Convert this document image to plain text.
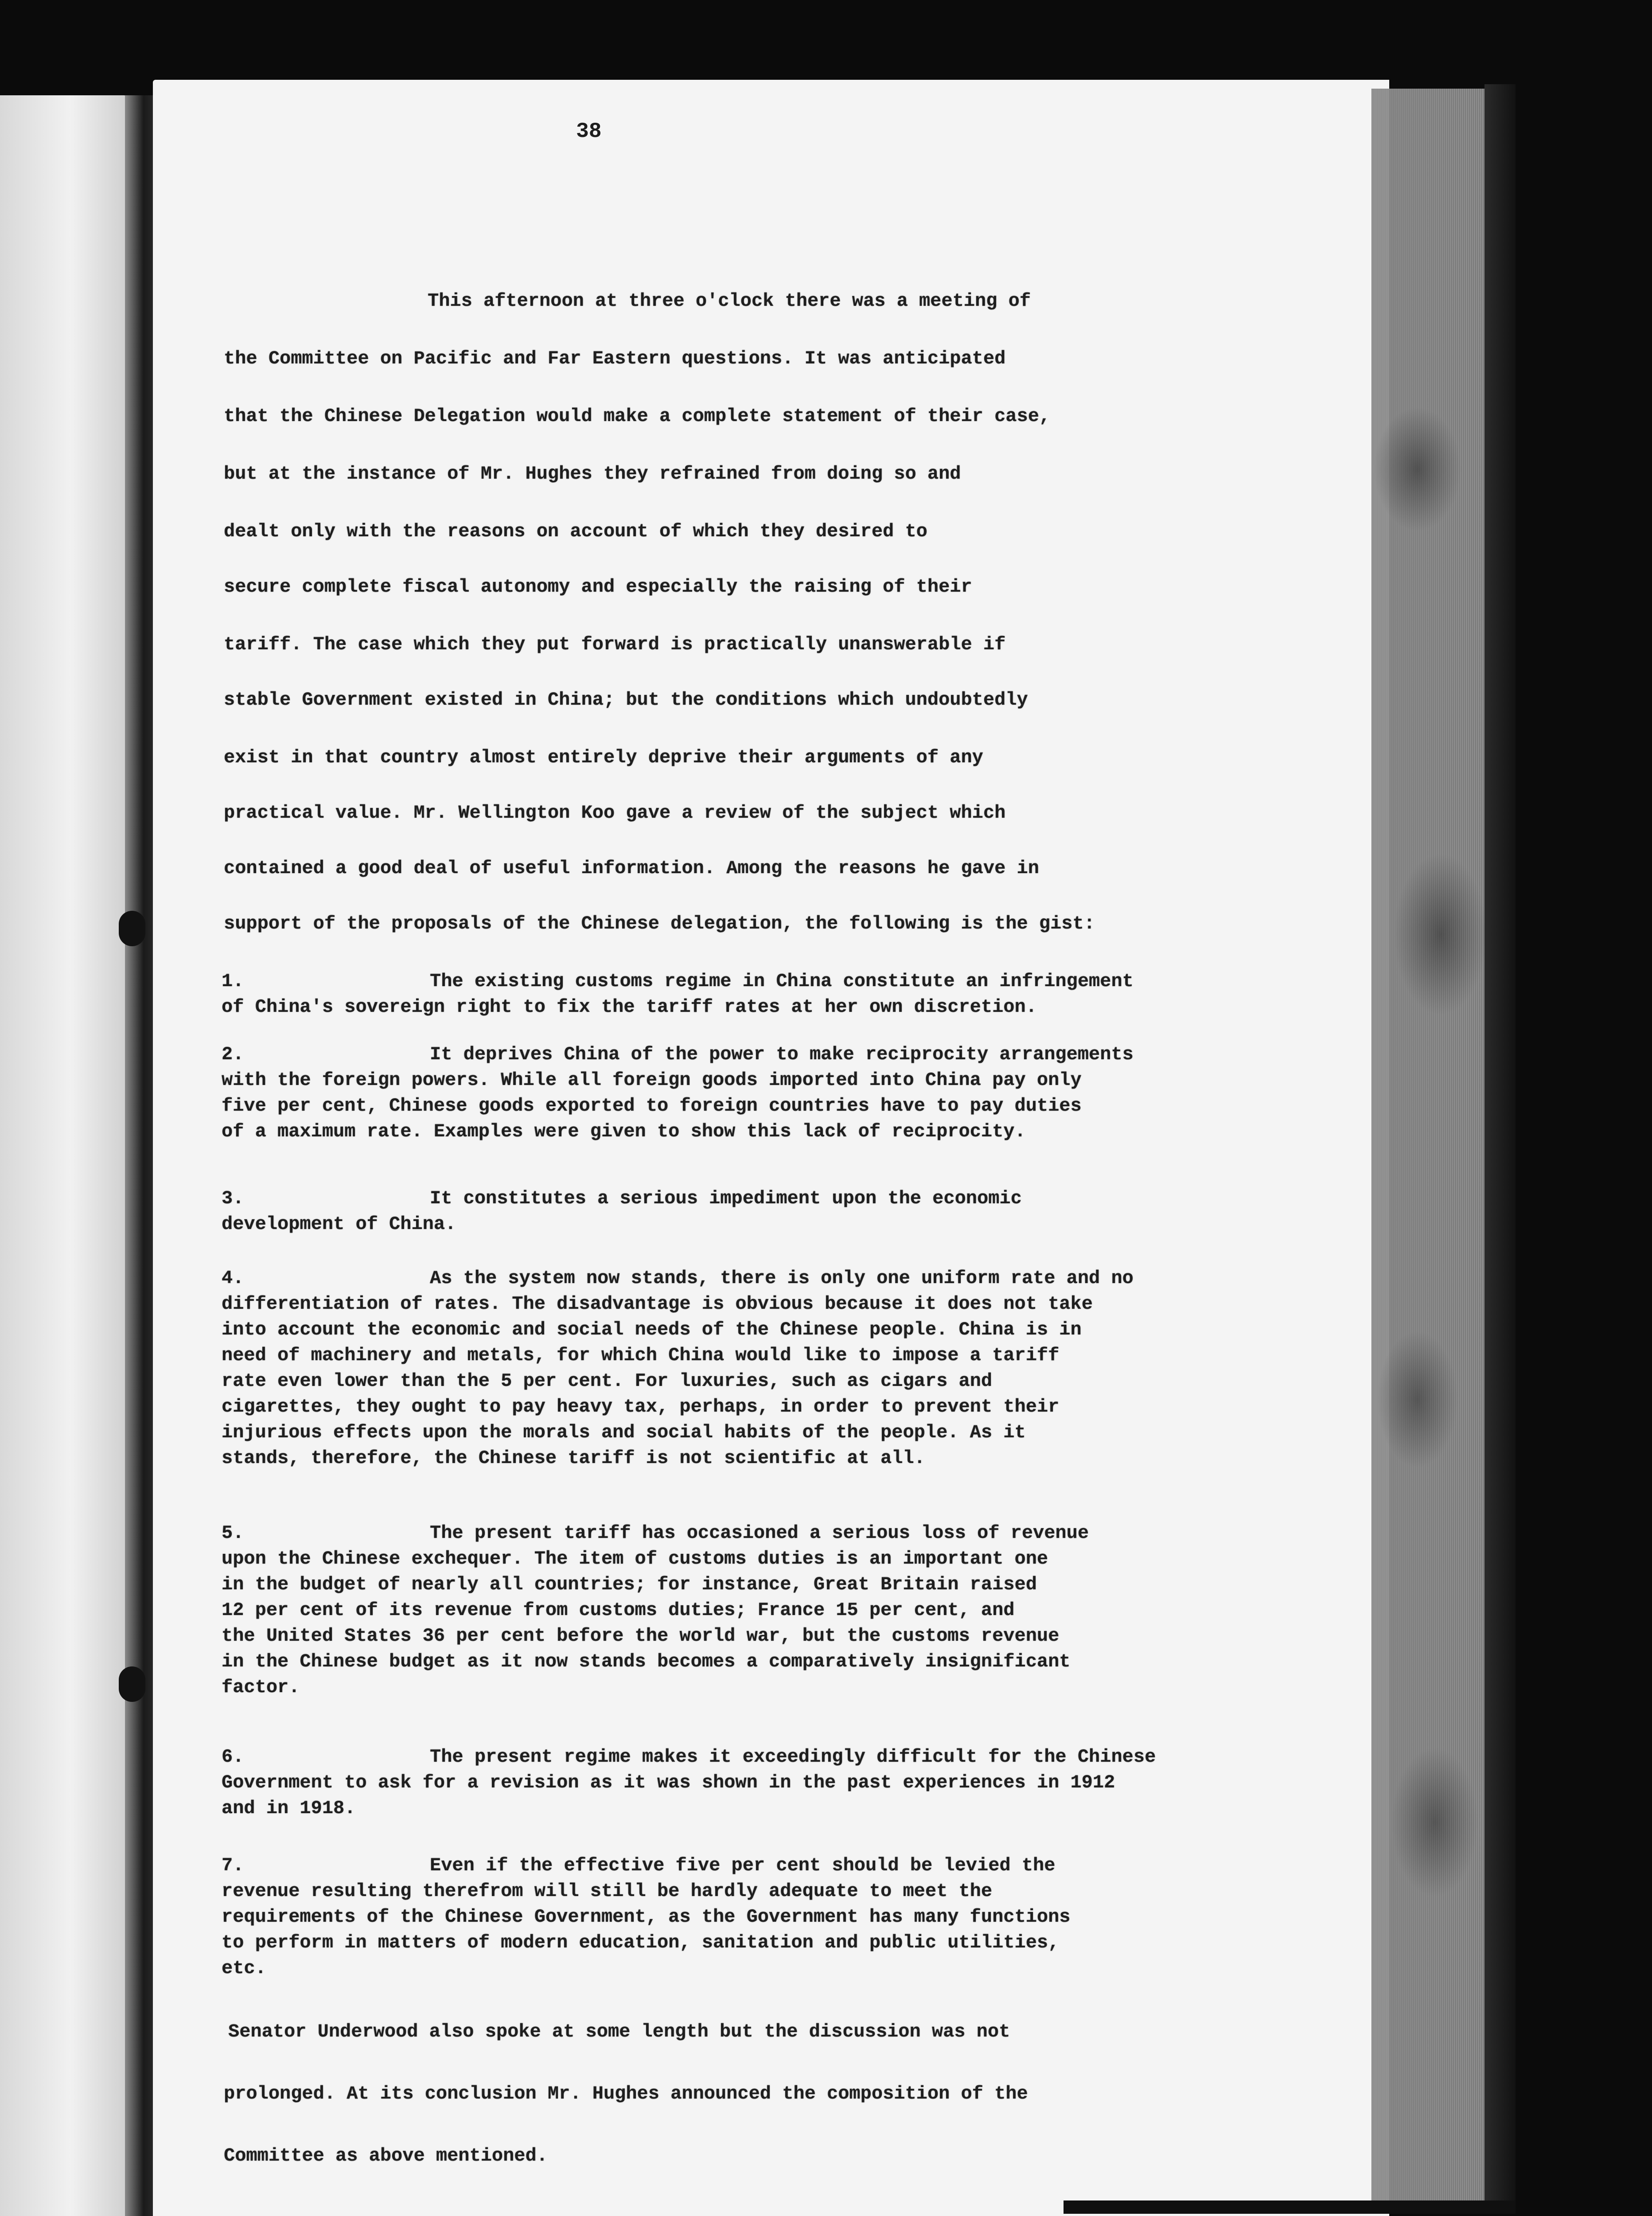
38
This afternoon at three o'clock there was a meeting of
the Committee on Pacific and Far Eastern questions. It was anticipated
that the Chinese Delegation would make a complete statement of their case,
but at the instance of Mr. Hughes they refrained from doing so and
dealt only with the reasons on account of which they desired to
secure complete fiscal autonomy and especially the raising of their
tariff. The case which they put forward is practically unanswerable if
stable Government existed in China; but the conditions which undoubtedly
exist in that country almost entirely deprive their arguments of any
practical value. Mr. Wellington Koo gave a review of the subject which
contained a good deal of useful information. Among the reasons he gave in
support of the proposals of the Chinese delegation, the following is the gist:
1.	The existing customs regime in China constitute an infringement
of China's sovereign right to fix the tariff rates at her own discretion.
2.	It deprives China of the power to make reciprocity arrangements
with the foreign powers. While all foreign goods imported into China pay only
five per cent, Chinese goods exported to foreign countries have to pay duties
of a maximum rate. Examples were given to show this lack of reciprocity.
3.	It constitutes a serious impediment upon the economic
development of China.
4.	As the system now stands, there is only one uniform rate and no
differentiation of rates. The disadvantage is obvious because it does not take
into account the economic and social needs of the Chinese people. China is in
need of machinery and metals, for which China would like to impose a tariff
rate even lower than the 5 per cent. For luxuries, such as cigars and
cigarettes, they ought to pay heavy tax, perhaps, in order to prevent their
injurious effects upon the morals and social habits of the people. As it
stands, therefore, the Chinese tariff is not scientific at all.
5.	The present tariff has occasioned a serious loss of revenue
upon the Chinese exchequer. The item of customs duties is an important one
in the budget of nearly all countries; for instance, Great Britain raised
12 per cent of its revenue from customs duties; France 15 per cent, and
the United States 36 per cent before the world war, but the customs revenue
in the Chinese budget as it now stands becomes a comparatively insignificant
factor.
6.	The present regime makes it exceedingly difficult for the Chinese
Government to ask for a revision as it was shown in the past experiences in 1912
and in 1918.
7.	Even if the effective five per cent should be levied the
revenue resulting therefrom will still be hardly adequate to meet the
requirements of the Chinese Government, as the Government has many functions
to perform in matters of modern education, sanitation and public utilities,
etc.
Senator Underwood also spoke at some length but the discussion was not
prolonged. At its conclusion Mr. Hughes announced the composition of the
Committee as above mentioned.
